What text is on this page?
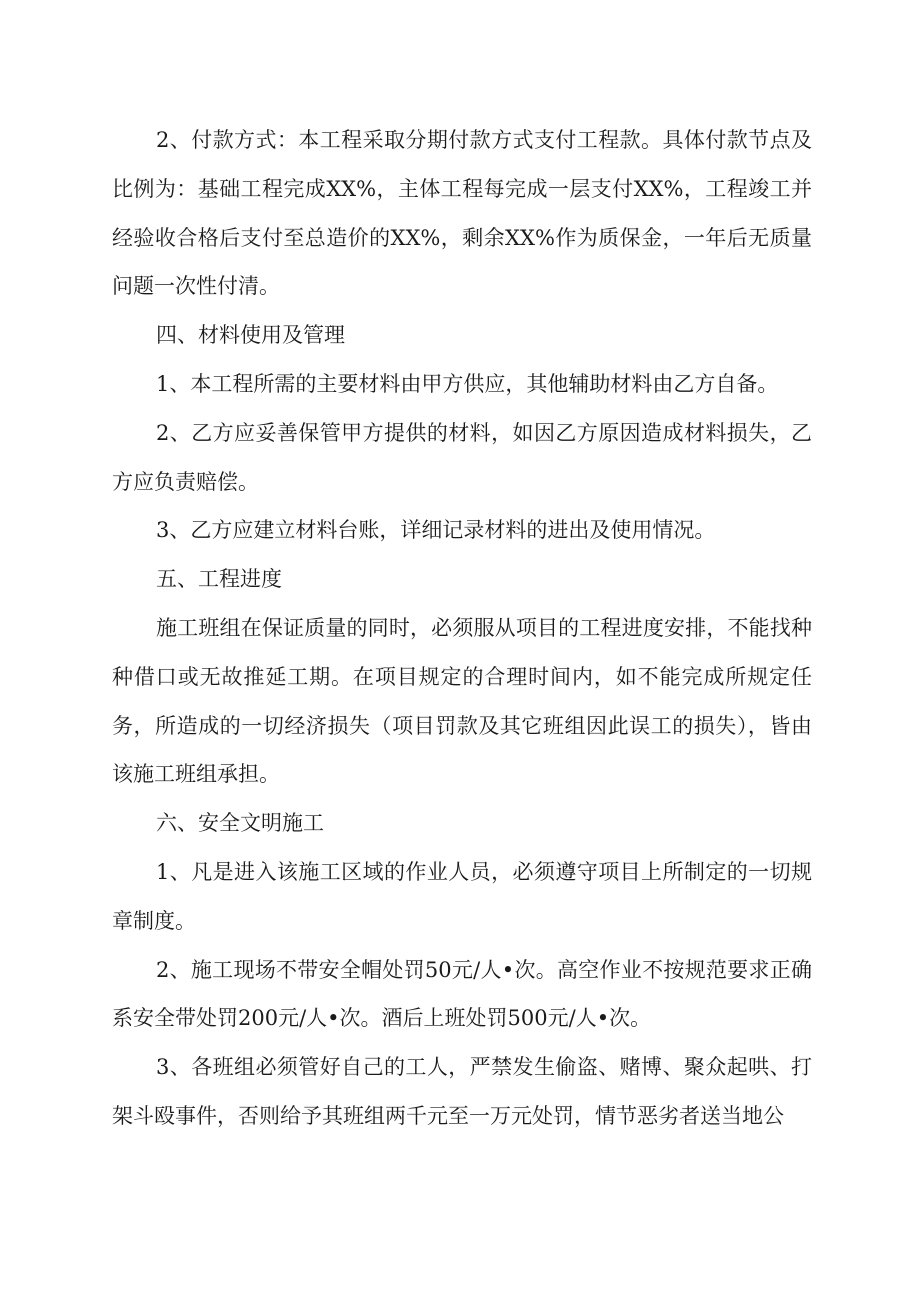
2、付款方式：本工程采取分期付款方式支付工程款。具体付款节点及比例为：基础工程完成XX%，主体工程每完成一层支付XX%，工程竣工并经验收合格后支付至总造价的XX%，剩余XX%作为质保金，一年后无质量问题一次性付清。

四、材料使用及管理

1、本工程所需的主要材料由甲方供应，其他辅助材料由乙方自备。

2、乙方应妥善保管甲方提供的材料，如因乙方原因造成材料损失，乙方应负责赔偿。

3、乙方应建立材料台账，详细记录材料的进出及使用情况。

五、工程进度

施工班组在保证质量的同时，必须服从项目的工程进度安排，不能找种种借口或无故推延工期。在项目规定的合理时间内，如不能完成所规定任务，所造成的一切经济损失（项目罚款及其它班组因此误工的损失），皆由该施工班组承担。

六、安全文明施工

1、凡是进入该施工区域的作业人员，必须遵守项目上所制定的一切规章制度。

2、施工现场不带安全帽处罚50元/人•次。高空作业不按规范要求正确系安全带处罚200元/人•次。酒后上班处罚500元/人•次。

3、各班组必须管好自己的工人，严禁发生偷盗、赌博、聚众起哄、打架斗殴事件，否则给予其班组两千元至一万元处罚，情节恶劣者送当地公
